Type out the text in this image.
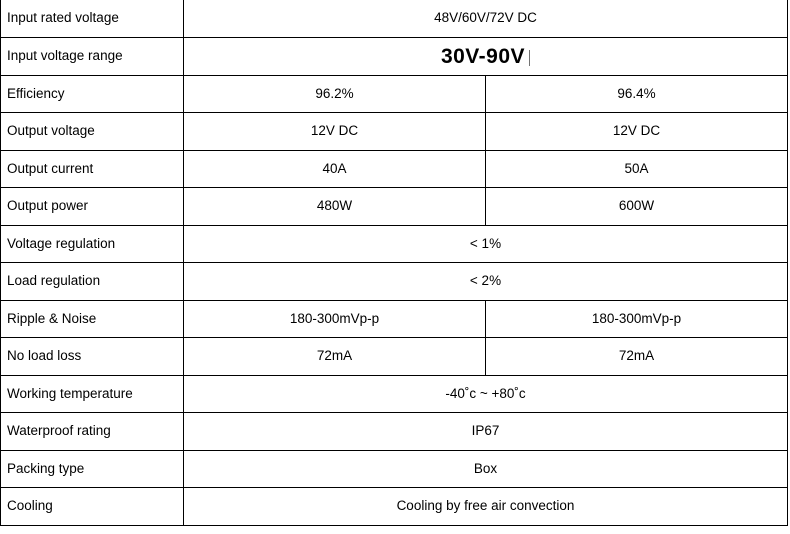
Input rated voltage	48V/60V/72V DC	
Input voltage range	30V-90V	
Efficiency	96.2%	96.4%
Output voltage	12V DC	12V DC
Output current	40A	50A
Output power	480W	600W
Voltage regulation	< 1%	
Load regulation	< 2%	
Ripple & Noise	180-300mVp-p	180-300mVp-p
No load loss	72mA	72mA
Working temperature	-40˚c ~ +80˚c	
Waterproof rating	IP67	
Packing type	Box	
Cooling	Cooling by free air convection	
